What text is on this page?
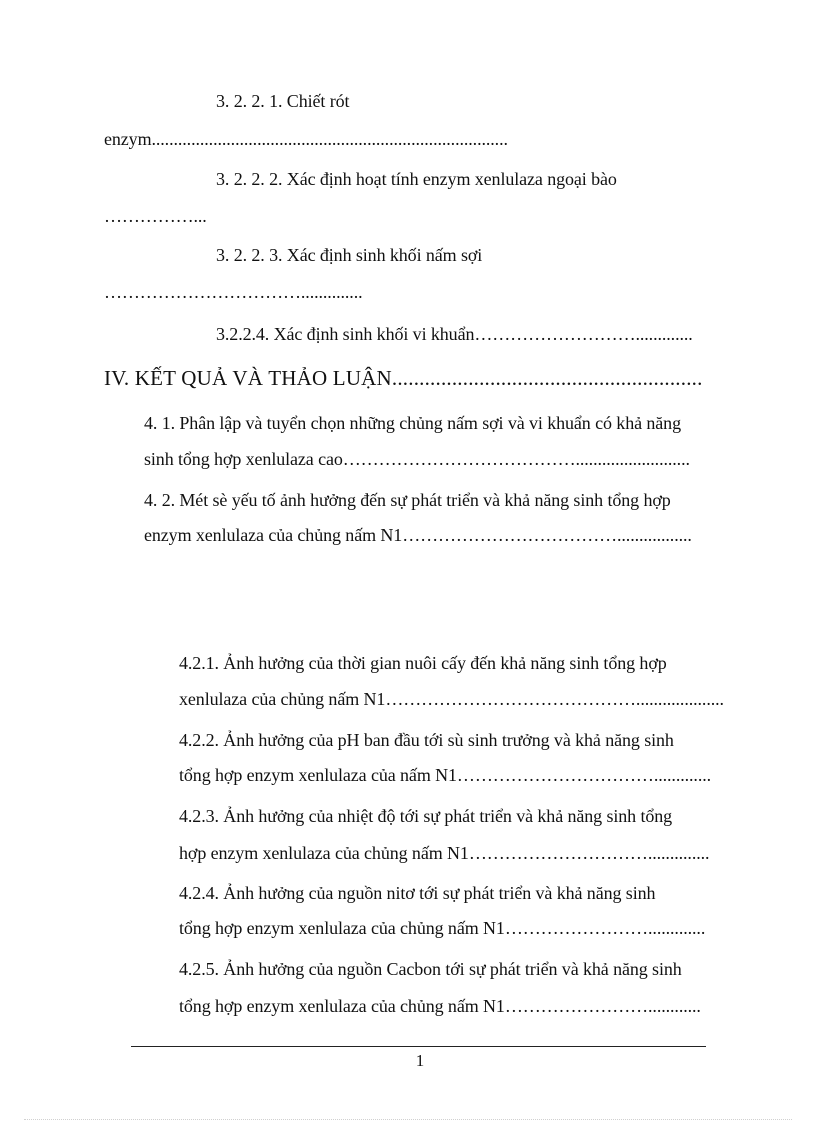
3. 2. 2. 1. Chiết rót
enzym.................................................................................
3. 2. 2. 2. Xác định hoạt tính enzym xenlulaza ngoại bào
……………...
3. 2. 2. 3. Xác định sinh khối nấm sợi
……………………………..............
3.2.2.4. Xác định sinh khối vi khuẩn……………………….............
IV. KẾT QUẢ VÀ THẢO LUẬN.........................................................
4. 1. Phân lập và tuyển chọn những chủng nấm sợi và vi khuẩn có khả năng
sinh tổng hợp xenlulaza cao…………………………………..........................
4. 2. Mét sè yếu tố ảnh hưởng đến sự phát triển và khả năng sinh tổng hợp
enzym xenlulaza của chủng nấm N1……………………………….................
4.2.1. Ảnh hưởng của thời gian nuôi cấy đến khả năng sinh tổng hợp
xenlulaza của chủng nấm N1……………………………………....................
4.2.2. Ảnh hưởng của pH ban đầu tới sù sinh trưởng và khả năng sinh
tổng hợp enzym xenlulaza của nấm N1…………………………….............
4.2.3. Ảnh hưởng của nhiệt độ tới sự phát triển và khả năng sinh tổng
hợp enzym xenlulaza của chủng nấm N1…………………………..............
4.2.4. Ảnh hưởng của nguồn nitơ tới sự phát triển và khả năng sinh
tổng hợp enzym xenlulaza của chủng nấm N1…………………….............
4.2.5. Ảnh hưởng của nguồn Cacbon tới sự phát triển và khả năng sinh
tổng hợp enzym xenlulaza của chủng nấm N1……………………............
1
